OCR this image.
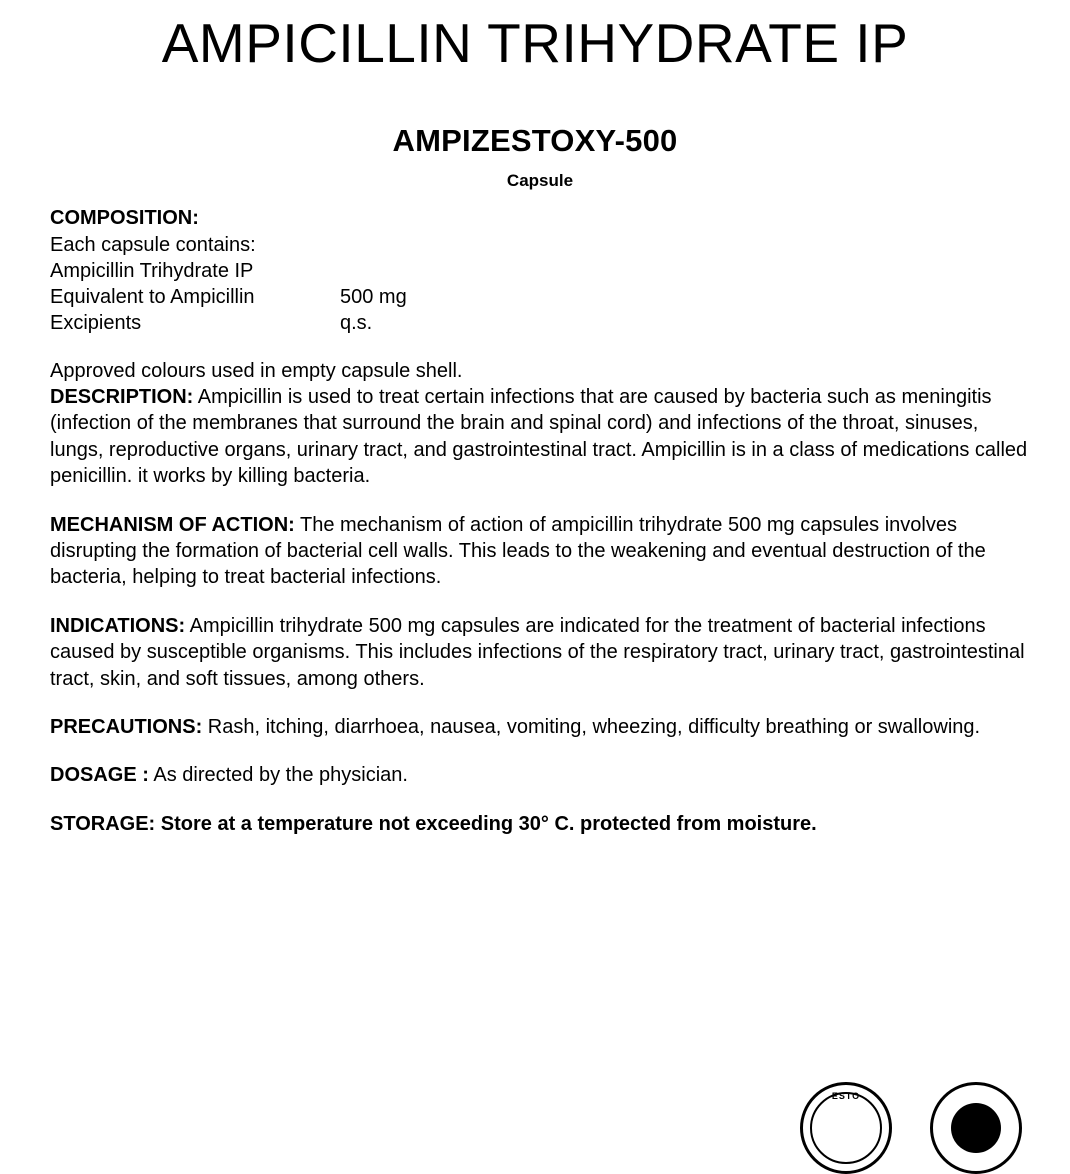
AMPICILLIN TRIHYDRATE IP
AMPIZESTOXY-500
Capsule
COMPOSITION:
Each capsule contains:
Ampicillin Trihydrate IP
Equivalent to Ampicillin	500 mg
Excipients	q.s.

Approved colours used in empty capsule shell.

DESCRIPTION: Ampicillin is used to treat certain infections that are caused by bacteria such as meningitis (infection of the membranes that surround the brain and spinal cord) and infections of the throat, sinuses, lungs, reproductive organs, urinary tract, and gastrointestinal tract. Ampicillin is in a class of medications called penicillin. it works by killing bacteria.

MECHANISM OF ACTION: The mechanism of action of ampicillin trihydrate 500 mg capsules involves disrupting the formation of bacterial cell walls. This leads to the weakening and eventual destruction of the bacteria, helping to treat bacterial infections.

INDICATIONS: Ampicillin trihydrate 500 mg capsules are indicated for the treatment of bacterial infections caused by susceptible organisms. This includes infections of the respiratory tract, urinary tract, gastrointestinal tract, skin, and soft tissues, among others.

PRECAUTIONS: Rash, itching, diarrhoea, nausea, vomiting, wheezing, difficulty breathing or swallowing.

DOSAGE : As directed by the physician.

STORAGE: Store at a temperature not exceeding 30° C. protected from moisture.

ESTO	DRUG
